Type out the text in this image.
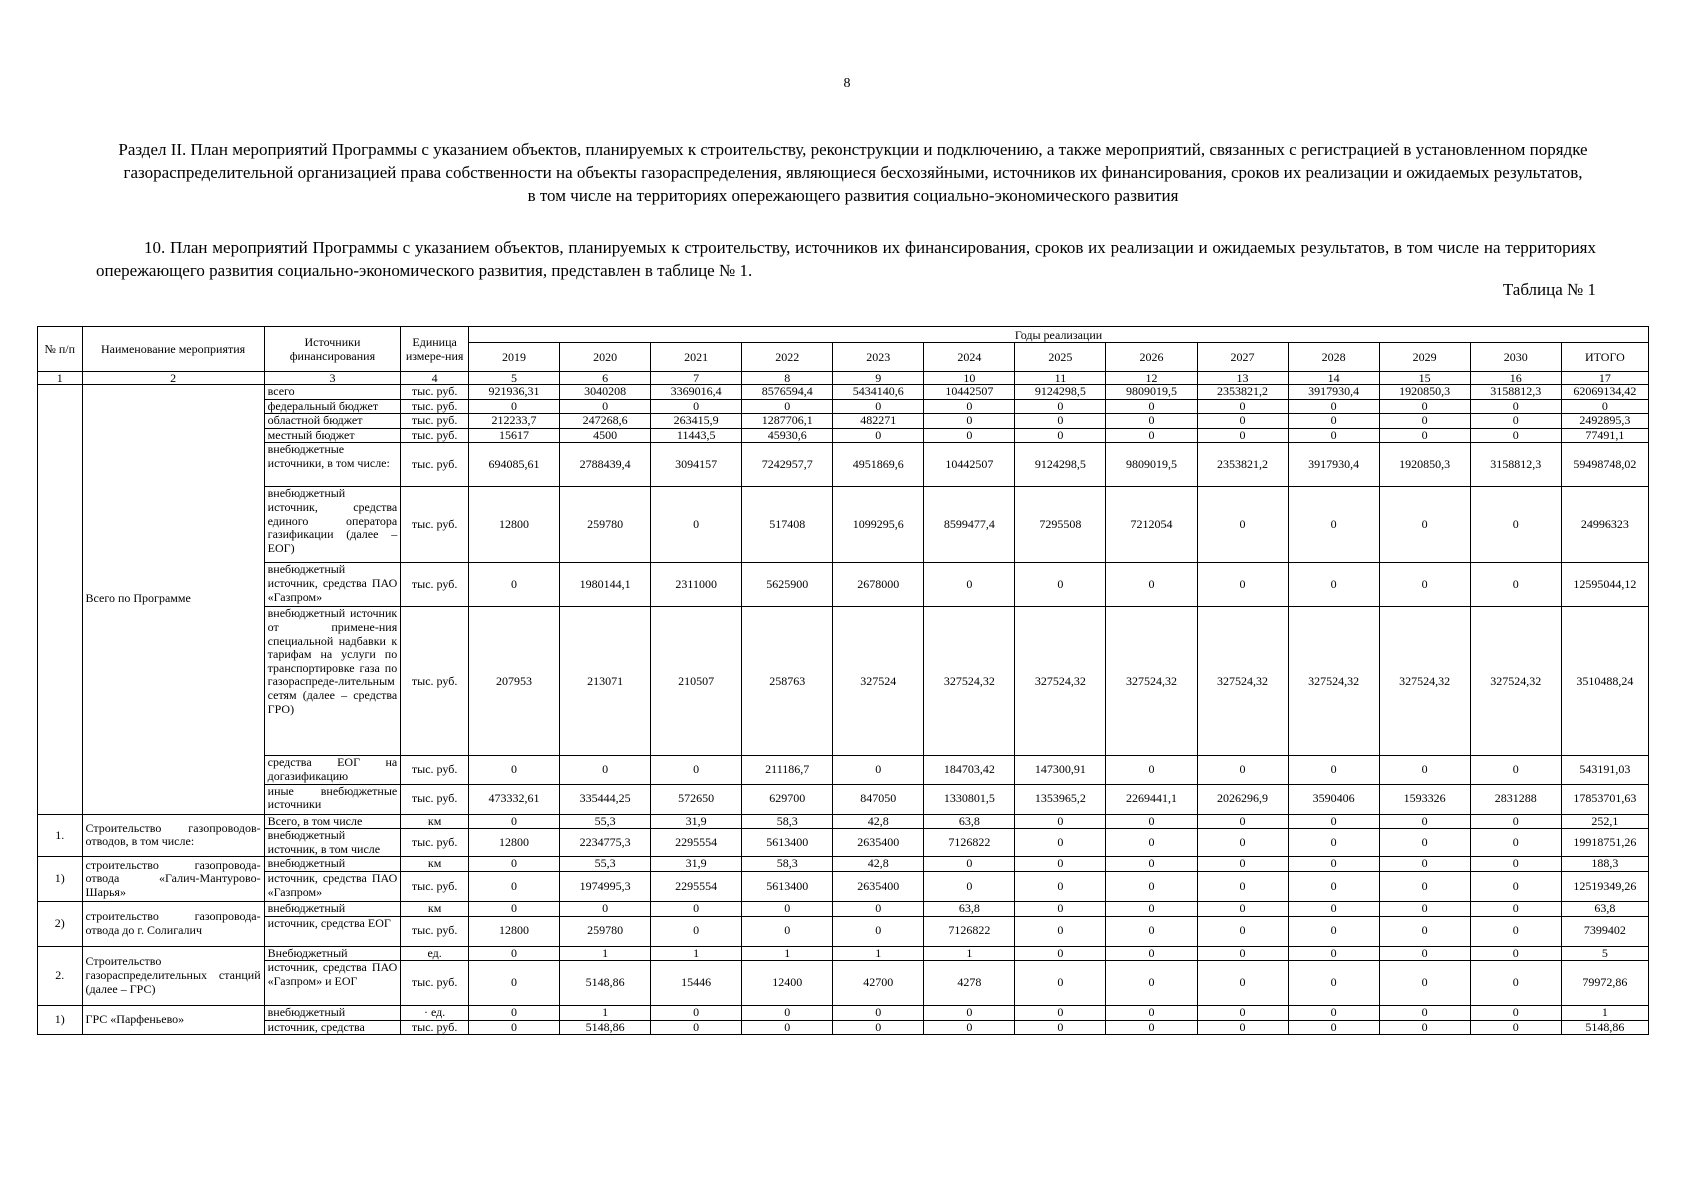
8
Раздел II. План мероприятий Программы с указанием объектов, планируемых к строительству, реконструкции и подключению, а также мероприятий, связанных с регистрацией в установленном порядке газораспределительной организацией права собственности на объекты газораспределения, являющиеся бесхозяйными, источников их финансирования, сроков их реализации и ожидаемых результатов, в том числе на территориях опережающего развития социально-экономического развития
10. План мероприятий Программы с указанием объектов, планируемых к строительству, источников их финансирования, сроков их реализации и ожидаемых результатов, в том числе на территориях опережающего развития социально-экономического развития, представлен в таблице № 1.
Таблица № 1
№ п/п	Наименование мероприятия	Источники финансирования	Единица измере-ния	Годы реализации												
				2019	2020	2021	2022	2023	2024	2025	2026	2027	2028	2029	2030	ИТОГО
1	2	3	4	5	6	7	8	9	10	11	12	13	14	15	16	17
	Всего по Программе	всего	тыс. руб.	921936,31	3040208	3369016,4	8576594,4	5434140,6	10442507	9124298,5	9809019,5	2353821,2	3917930,4	1920850,3	3158812,3	62069134,42
		федеральный бюджет	тыс. руб.	0	0	0	0	0	0	0	0	0	0	0	0	0
		областной бюджет	тыс. руб.	212233,7	247268,6	263415,9	1287706,1	482271	0	0	0	0	0	0	0	2492895,3
		местный бюджет	тыс. руб.	15617	4500	11443,5	45930,6	0	0	0	0	0	0	0	0	77491,1
		внебюджетные источники, в том числе:	тыс. руб.	694085,61	2788439,4	3094157	7242957,7	4951869,6	10442507	9124298,5	9809019,5	2353821,2	3917930,4	1920850,3	3158812,3	59498748,02
		внебюджетный источник, средства единого оператора газификации (далее – ЕОГ)	тыс. руб.	12800	259780	0	517408	1099295,6	8599477,4	7295508	7212054	0	0	0	0	24996323
		внебюджетный источник, средства ПАО «Газпром»	тыс. руб.	0	1980144,1	2311000	5625900	2678000	0	0	0	0	0	0	0	12595044,12
		внебюджетный источник от примене-ния специальной надбавки к тарифам на услуги по транспортировке газа по газораспреде-лительным сетям (далее – средства ГРО)	тыс. руб.	207953	213071	210507	258763	327524	327524,32	327524,32	327524,32	327524,32	327524,32	327524,32	327524,32	3510488,24
		средства ЕОГ на догазификацию	тыс. руб.	0	0	0	211186,7	0	184703,42	147300,91	0	0	0	0	0	543191,03
		иные внебюджетные источники	тыс. руб.	473332,61	335444,25	572650	629700	847050	1330801,5	1353965,2	2269441,1	2026296,9	3590406	1593326	2831288	17853701,63
1.	Строительство газопроводов-отводов, в том числе:	Всего, в том числе	км	0	55,3	31,9	58,3	42,8	63,8	0	0	0	0	0	0	252,1
		внебюджетный источник, в том числе	тыс. руб.	12800	2234775,3	2295554	5613400	2635400	7126822	0	0	0	0	0	0	19918751,26
1)	строительство газопровода-отвода «Галич-Мантурово-Шарья»	внебюджетный	км	0	55,3	31,9	58,3	42,8	0	0	0	0	0	0	0	188,3
		источник, средства ПАО «Газпром»	тыс. руб.	0	1974995,3	2295554	5613400	2635400	0	0	0	0	0	0	0	12519349,26
2)	строительство газопровода-отвода до г. Солигалич	внебюджетный	км	0	0	0	0	0	63,8	0	0	0	0	0	0	63,8
		источник, средства ЕОГ	тыс. руб.	12800	259780	0	0	0	7126822	0	0	0	0	0	0	7399402
2.	Строительство газораспределительных станций (далее – ГРС)	Внебюджетный	ед.	0	1	1	1	1	1	0	0	0	0	0	0	5
		источник, средства ПАО «Газпром» и ЕОГ	тыс. руб.	0	5148,86	15446	12400	42700	4278	0	0	0	0	0	0	79972,86
1)	ГРС «Парфеньево»	внебюджетный	· ед.	0	1	0	0	0	0	0	0	0	0	0	0	1
		источник, средства	тыс. руб.	0	5148,86	0	0	0	0	0	0	0	0	0	0	5148,86
